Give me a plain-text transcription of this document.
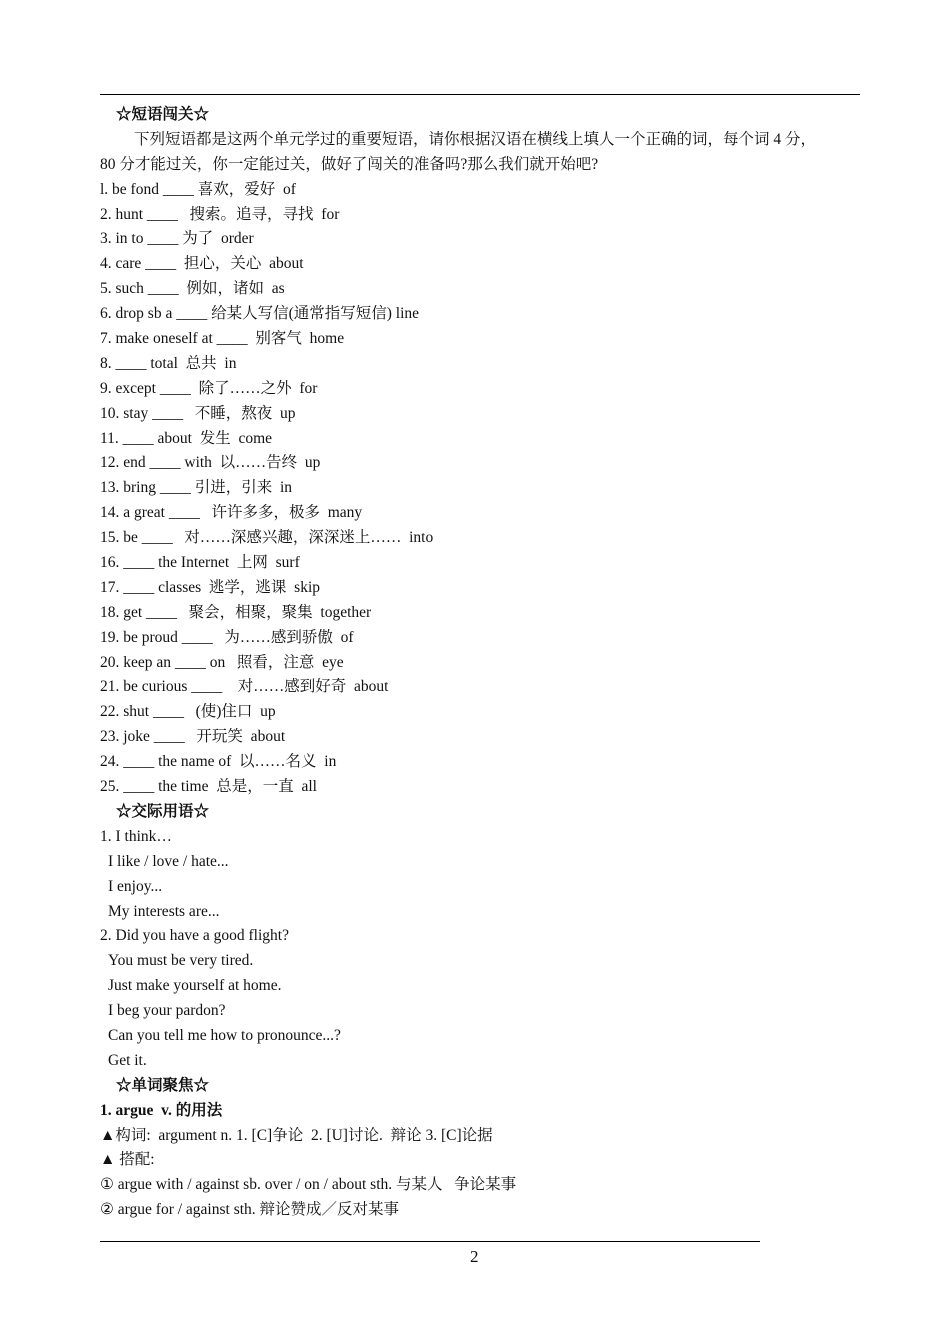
☆短语闯关☆
下列短语都是这两个单元学过的重要短语，请你根据汉语在横线上填人一个正确的词，每个词 4 分，
80 分才能过关，你一定能过关，做好了闯关的准备吗?那么我们就开始吧?
l. be fond ____ 喜欢，爱好  of
2. hunt ____   搜索。追寻，寻找  for
3. in to ____ 为了  order
4. care ____  担心，关心  about
5. such ____  例如，诸如  as
6. drop sb a ____ 给某人写信(通常指写短信) line
7. make oneself at ____  别客气  home
8. ____ total  总共  in
9. except ____  除了……之外  for
10. stay ____   不睡，熬夜  up
11. ____ about  发生  come
12. end ____ with  以……告终  up
13. bring ____ 引进，引来  in
14. a great ____   许许多多，极多  many
15. be ____   对……深感兴趣，深深迷上……  into
16. ____ the Internet  上网  surf
17. ____ classes  逃学，逃课  skip
18. get ____   聚会，相聚，聚集  together
19. be proud ____   为……感到骄傲  of
20. keep an ____ on   照看，注意  eye
21. be curious ____    对……感到好奇  about
22. shut ____   (使)住口  up
23. joke ____   开玩笑  about
24. ____ the name of  以……名义  in
25. ____ the time  总是，一直  all
☆交际用语☆
1. I think…
I like / love / hate...
I enjoy...
My interests are...
2. Did you have a good flight?
You must be very tired.
Just make yourself at home.
I beg your pardon?
Can you tell me how to pronounce...?
Get it.
☆单词聚焦☆
1. argue  v. 的用法
▲构词:  argument n. 1. [C]争论  2. [U]讨论.  辩论 3. [C]论据
▲ 搭配:
① argue with / against sb. over / on / about sth. 与某人   争论某事
② argue for / against sth. 辩论赞成／反对某事
2
